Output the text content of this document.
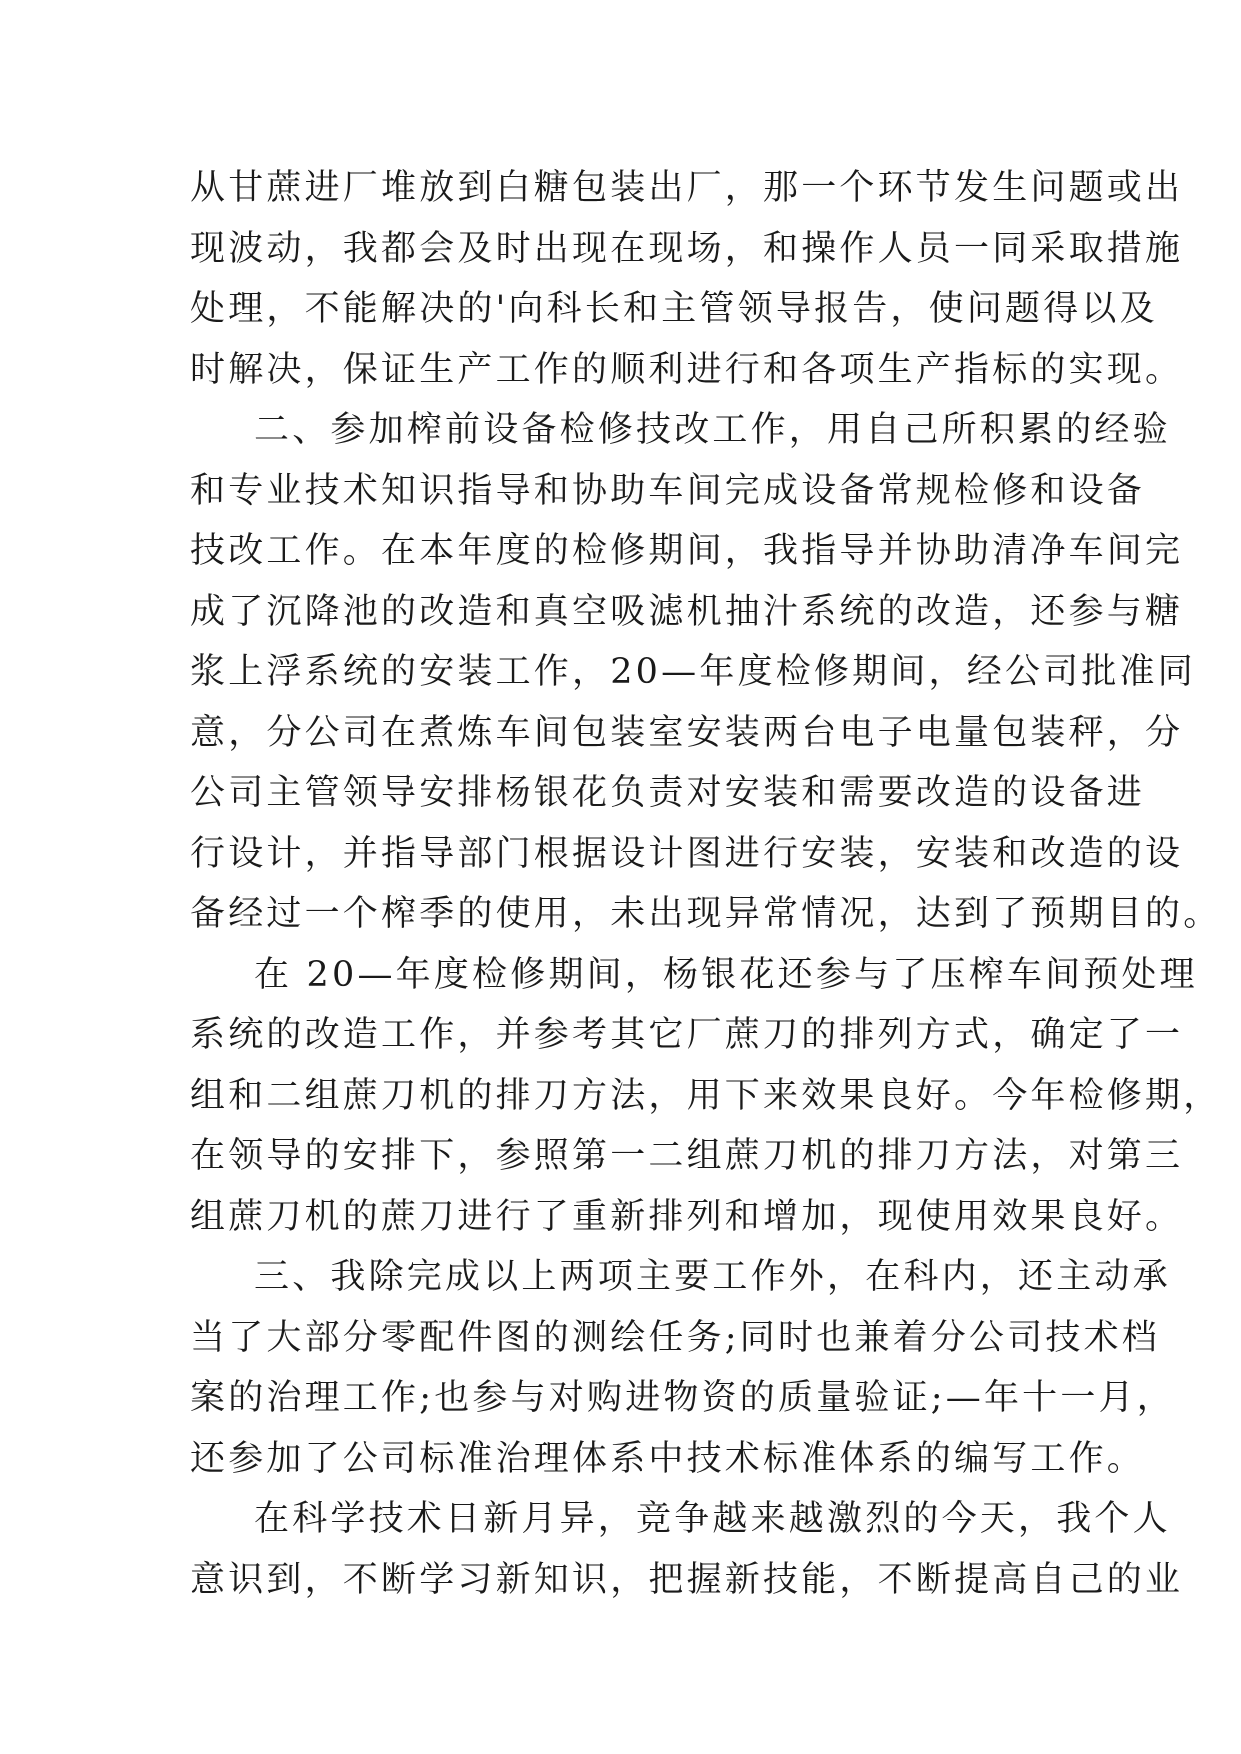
从甘蔗进厂堆放到白糖包装出厂，那一个环节发生问题或出
现波动，我都会及时出现在现场，和操作人员一同采取措施
处理，不能解决的'向科长和主管领导报告，使问题得以及
时解决，保证生产工作的顺利进行和各项生产指标的实现。
二、参加榨前设备检修技改工作，用自己所积累的经验
和专业技术知识指导和协助车间完成设备常规检修和设备
技改工作。在本年度的检修期间，我指导并协助清净车间完
成了沉降池的改造和真空吸滤机抽汁系统的改造，还参与糖
浆上浮系统的安装工作，20—年度检修期间，经公司批准同
意，分公司在煮炼车间包装室安装两台电子电量包装秤，分
公司主管领导安排杨银花负责对安装和需要改造的设备进
行设计，并指导部门根据设计图进行安装，安装和改造的设
备经过一个榨季的使用，未出现异常情况，达到了预期目的。
在 20—年度检修期间，杨银花还参与了压榨车间预处理
系统的改造工作，并参考其它厂蔗刀的排列方式，确定了一
组和二组蔗刀机的排刀方法，用下来效果良好。今年检修期，
在领导的安排下，参照第一二组蔗刀机的排刀方法，对第三
组蔗刀机的蔗刀进行了重新排列和增加，现使用效果良好。
三、我除完成以上两项主要工作外，在科内，还主动承
当了大部分零配件图的测绘任务;同时也兼着分公司技术档
案的治理工作;也参与对购进物资的质量验证;—年十一月，
还参加了公司标准治理体系中技术标准体系的编写工作。
在科学技术日新月异，竞争越来越激烈的今天，我个人
意识到，不断学习新知识，把握新技能，不断提高自己的业
